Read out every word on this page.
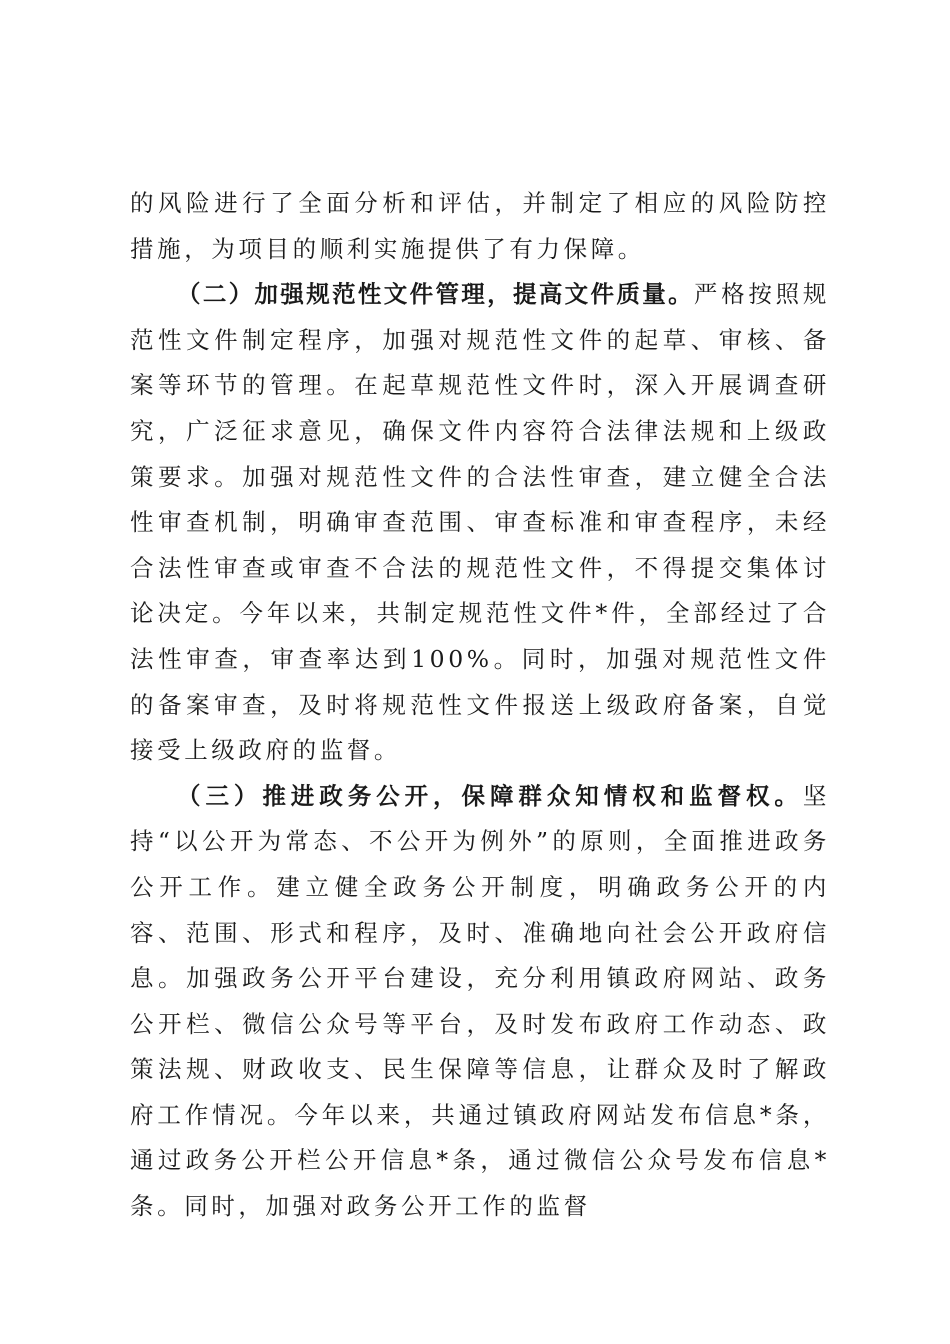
的风险进行了全面分析和评估，并制定了相应的风险防控措施，为项目的顺利实施提供了有力保障。

（二）加强规范性文件管理，提高文件质量。严格按照规范性文件制定程序，加强对规范性文件的起草、审核、备案等环节的管理。在起草规范性文件时，深入开展调查研究，广泛征求意见，确保文件内容符合法律法规和上级政策要求。加强对规范性文件的合法性审查，建立健全合法性审查机制，明确审查范围、审查标准和审查程序，未经合法性审查或审查不合法的规范性文件，不得提交集体讨论决定。今年以来，共制定规范性文件*件，全部经过了合法性审查，审查率达到100%。同时，加强对规范性文件的备案审查，及时将规范性文件报送上级政府备案，自觉接受上级政府的监督。

（三）推进政务公开，保障群众知情权和监督权。坚持“以公开为常态、不公开为例外”的原则，全面推进政务公开工作。建立健全政务公开制度，明确政务公开的内容、范围、形式和程序，及时、准确地向社会公开政府信息。加强政务公开平台建设，充分利用镇政府网站、政务公开栏、微信公众号等平台，及时发布政府工作动态、政策法规、财政收支、民生保障等信息，让群众及时了解政府工作情况。今年以来，共通过镇政府网站发布信息*条，通过政务公开栏公开信息*条，通过微信公众号发布信息*条。同时，加强对政务公开工作的监督
